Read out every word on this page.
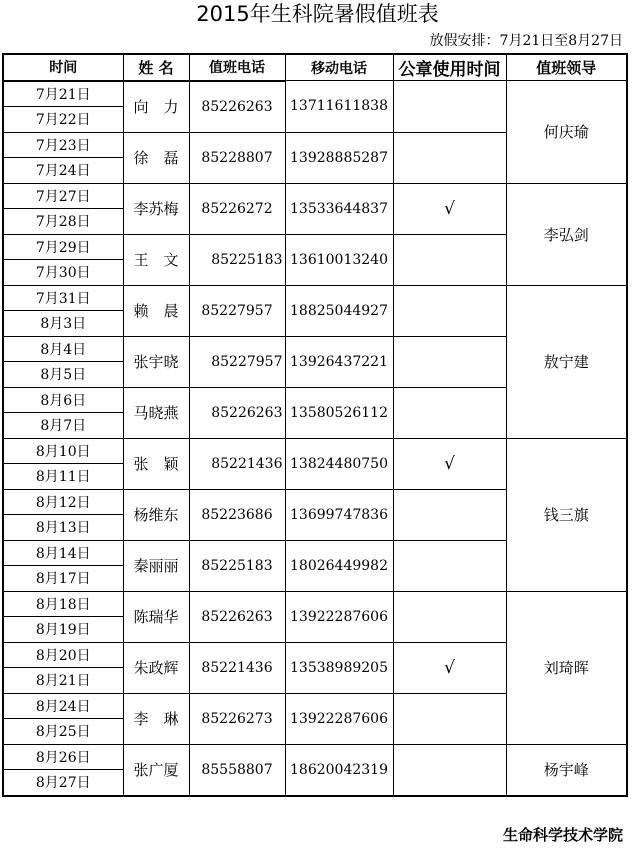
2015年生科院暑假值班表
放假安排：7月21日至8月27日
时间	姓 名	值班电话	移动电话	公章使用时间	值班领导
7月21日	向　力	85226263	13711611838		何庆瑜
7月22日					
7月23日	徐　磊	85228807	13928885287		
7月24日					
7月27日	李苏梅	85226272	13533644837	√	李弘剑
7月28日					
7月29日	王　文	85225183	13610013240		
7月30日					
7月31日	赖　晨	85227957	18825044927		敖宁建
8月3日					
8月4日	张宇晓	85227957	13926437221		
8月5日					
8月6日	马晓燕	85226263	13580526112		
8月7日					
8月10日	张　颖	85221436	13824480750	√	钱三旗
8月11日					
8月12日	杨维东	85223686	13699747836		
8月13日					
8月14日	秦丽丽	85225183	18026449982		
8月17日					
8月18日	陈瑞华	85226263	13922287606		刘琦晖
8月19日					
8月20日	朱政辉	85221436	13538989205	√	
8月21日					
8月24日	李　琳	85226273	13922287606		
8月25日					
8月26日	张广厦	85558807	18620042319		杨宇峰
8月27日					
生命科学技术学院
